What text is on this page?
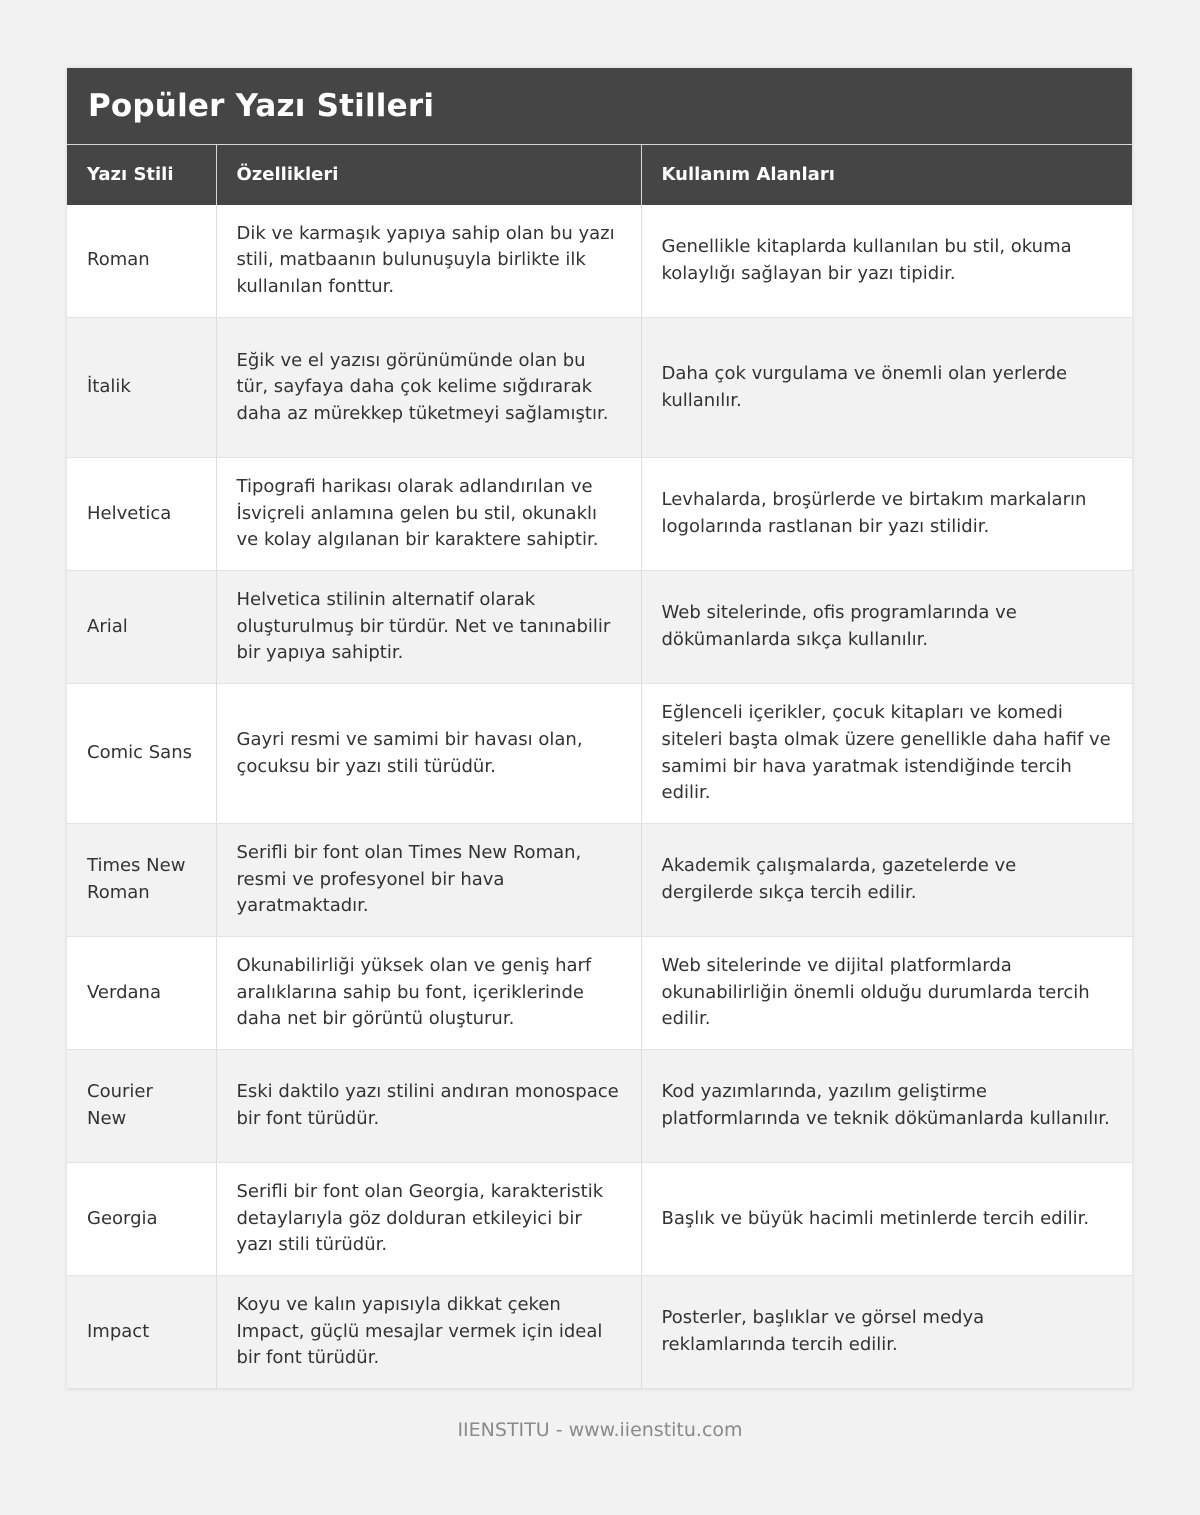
Popüler Yazı Stilleri
Yazı Stili	Özellikleri	Kullanım Alanları
Roman	Dik ve karmaşık yapıya sahip olan bu yazı stili, matbaanın bulunuşuyla birlikte ilk kullanılan fonttur.	Genellikle kitaplarda kullanılan bu stil, okuma kolaylığı sağlayan bir yazı tipidir.
İtalik	Eğik ve el yazısı görünümünde olan bu tür, sayfaya daha çok kelime sığdırarak daha az mürekkep tüketmeyi sağlamıştır.	Daha çok vurgulama ve önemli olan yerlerde kullanılır.
Helvetica	Tipografi harikası olarak adlandırılan ve İsviçreli anlamına gelen bu stil, okunaklı ve kolay algılanan bir karaktere sahiptir.	Levhalarda, broşürlerde ve birtakım markaların logolarında rastlanan bir yazı stilidir.
Arial	Helvetica stilinin alternatif olarak oluşturulmuş bir türdür. Net ve tanınabilir bir yapıya sahiptir.	Web sitelerinde, ofis programlarında ve dökümanlarda sıkça kullanılır.
Comic Sans	Gayri resmi ve samimi bir havası olan, çocuksu bir yazı stili türüdür.	Eğlenceli içerikler, çocuk kitapları ve komedi siteleri başta olmak üzere genellikle daha hafif ve samimi bir hava yaratmak istendiğinde tercih edilir.
Times New Roman	Serifli bir font olan Times New Roman, resmi ve profesyonel bir hava yaratmaktadır.	Akademik çalışmalarda, gazetelerde ve dergilerde sıkça tercih edilir.
Verdana	Okunabilirliği yüksek olan ve geniş harf aralıklarına sahip bu font, içeriklerinde daha net bir görüntü oluşturur.	Web sitelerinde ve dijital platformlarda okunabilirliğin önemli olduğu durumlarda tercih edilir.
Courier New	Eski daktilo yazı stilini andıran monospace bir font türüdür.	Kod yazımlarında, yazılım geliştirme platformlarında ve teknik dökümanlarda kullanılır.
Georgia	Serifli bir font olan Georgia, karakteristik detaylarıyla göz dolduran etkileyici bir yazı stili türüdür.	Başlık ve büyük hacimli metinlerde tercih edilir.
Impact	Koyu ve kalın yapısıyla dikkat çeken Impact, güçlü mesajlar vermek için ideal bir font türüdür.	Posterler, başlıklar ve görsel medya reklamlarında tercih edilir.
IIENSTITU - www.iienstitu.com
